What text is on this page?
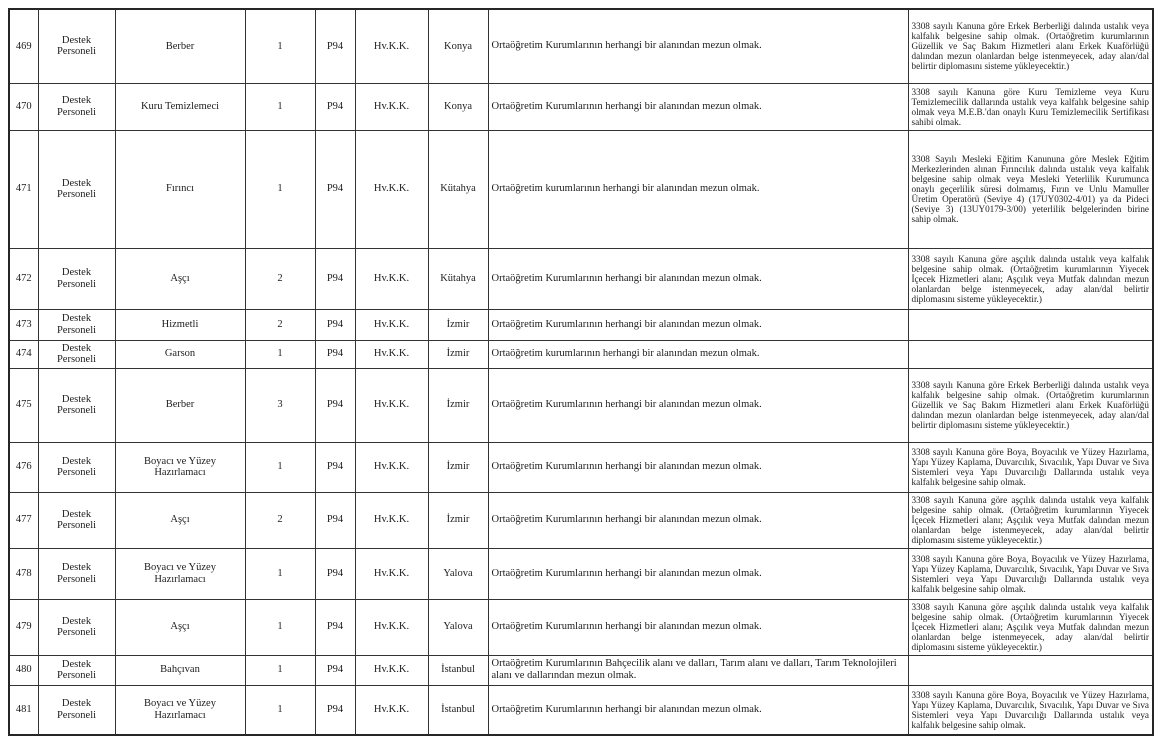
469	Destek Personeli	Berber	1	P94	Hv.K.K.	Konya	Ortaöğretim Kurumlarının herhangi bir alanından mezun olmak.	3308 sayılı Kanuna göre Erkek Berberliği dalında ustalık veya kalfalık belgesine sahip olmak. (Ortaöğretim kurumlarının Güzellik ve Saç Bakım Hizmetleri alanı Erkek Kuaförlüğü dalından mezun olanlardan belge istenmeyecek, aday alan/dal belirtir diplomasını sisteme yükleyecektir.)
470	Destek Personeli	Kuru Temizlemeci	1	P94	Hv.K.K.	Konya	Ortaöğretim Kurumlarının herhangi bir alanından mezun olmak.	3308 sayılı Kanuna göre Kuru Temizleme veya Kuru Temizlemecilik dallarında ustalık veya kalfalık belgesine sahip olmak veya M.E.B.'dan onaylı Kuru Temizlemecilik Sertifikası sahibi olmak.
471	Destek Personeli	Fırıncı	1	P94	Hv.K.K.	Kütahya	Ortaöğretim kurumlarının herhangi bir alanından mezun olmak.	3308 Sayılı Mesleki Eğitim Kanununa göre Meslek Eğitim Merkezlerinden alınan Fırıncılık dalında ustalık veya kalfalık belgesine sahip olmak veya Mesleki Yeterlilik Kurumunca onaylı geçerlilik süresi dolmamış, Fırın ve Unlu Mamuller Üretim Operatörü (Seviye 4) (17UY0302-4/01) ya da Pideci (Seviye 3) (13UY0179-3/00) yeterlilik belgelerinden birine sahip olmak.
472	Destek Personeli	Aşçı	2	P94	Hv.K.K.	Kütahya	Ortaöğretim Kurumlarının herhangi bir alanından mezun olmak.	3308 sayılı Kanuna göre aşçılık dalında ustalık veya kalfalık belgesine sahip olmak. (Ortaöğretim kurumlarının Yiyecek İçecek Hizmetleri alanı; Aşçılık veya Mutfak dalından mezun olanlardan belge istenmeyecek, aday alan/dal belirtir diplomasını sisteme yükleyecektir.)
473	Destek Personeli	Hizmetli	2	P94	Hv.K.K.	İzmir	Ortaöğretim Kurumlarının herhangi bir alanından mezun olmak.	
474	Destek Personeli	Garson	1	P94	Hv.K.K.	İzmir	Ortaöğretim kurumlarının herhangi bir alanından mezun olmak.	
475	Destek Personeli	Berber	3	P94	Hv.K.K.	İzmir	Ortaöğretim Kurumlarının herhangi bir alanından mezun olmak.	3308 sayılı Kanuna göre Erkek Berberliği dalında ustalık veya kalfalık belgesine sahip olmak. (Ortaöğretim kurumlarının Güzellik ve Saç Bakım Hizmetleri alanı Erkek Kuaförlüğü dalından mezun olanlardan belge istenmeyecek, aday alan/dal belirtir diplomasını sisteme yükleyecektir.)
476	Destek Personeli	Boyacı ve Yüzey Hazırlamacı	1	P94	Hv.K.K.	İzmir	Ortaöğretim Kurumlarının herhangi bir alanından mezun olmak.	3308 sayılı Kanuna göre Boya, Boyacılık ve Yüzey Hazırlama, Yapı Yüzey Kaplama, Duvarcılık, Sıvacılık, Yapı Duvar ve Sıva Sistemleri veya Yapı Duvarcılığı Dallarında ustalık veya kalfalık belgesine sahip olmak.
477	Destek Personeli	Aşçı	2	P94	Hv.K.K.	İzmir	Ortaöğretim Kurumlarının herhangi bir alanından mezun olmak.	3308 sayılı Kanuna göre aşçılık dalında ustalık veya kalfalık belgesine sahip olmak. (Ortaöğretim kurumlarının Yiyecek İçecek Hizmetleri alanı; Aşçılık veya Mutfak dalından mezun olanlardan belge istenmeyecek, aday alan/dal belirtir diplomasını sisteme yükleyecektir.)
478	Destek Personeli	Boyacı ve Yüzey Hazırlamacı	1	P94	Hv.K.K.	Yalova	Ortaöğretim Kurumlarının herhangi bir alanından mezun olmak.	3308 sayılı Kanuna göre Boya, Boyacılık ve Yüzey Hazırlama, Yapı Yüzey Kaplama, Duvarcılık, Sıvacılık, Yapı Duvar ve Sıva Sistemleri veya Yapı Duvarcılığı Dallarında ustalık veya kalfalık belgesine sahip olmak.
479	Destek Personeli	Aşçı	1	P94	Hv.K.K.	Yalova	Ortaöğretim Kurumlarının herhangi bir alanından mezun olmak.	3308 sayılı Kanuna göre aşçılık dalında ustalık veya kalfalık belgesine sahip olmak. (Ortaöğretim kurumlarının Yiyecek İçecek Hizmetleri alanı; Aşçılık veya Mutfak dalından mezun olanlardan belge istenmeyecek, aday alan/dal belirtir diplomasını sisteme yükleyecektir.)
480	Destek Personeli	Bahçıvan	1	P94	Hv.K.K.	İstanbul	Ortaöğretim Kurumlarının Bahçecilik alanı ve dalları, Tarım alanı ve dalları, Tarım Teknolojileri alanı ve dallarından mezun olmak.	
481	Destek Personeli	Boyacı ve Yüzey Hazırlamacı	1	P94	Hv.K.K.	İstanbul	Ortaöğretim Kurumlarının herhangi bir alanından mezun olmak.	3308 sayılı Kanuna göre Boya, Boyacılık ve Yüzey Hazırlama, Yapı Yüzey Kaplama, Duvarcılık, Sıvacılık, Yapı Duvar ve Sıva Sistemleri veya Yapı Duvarcılığı Dallarında ustalık veya kalfalık belgesine sahip olmak.
